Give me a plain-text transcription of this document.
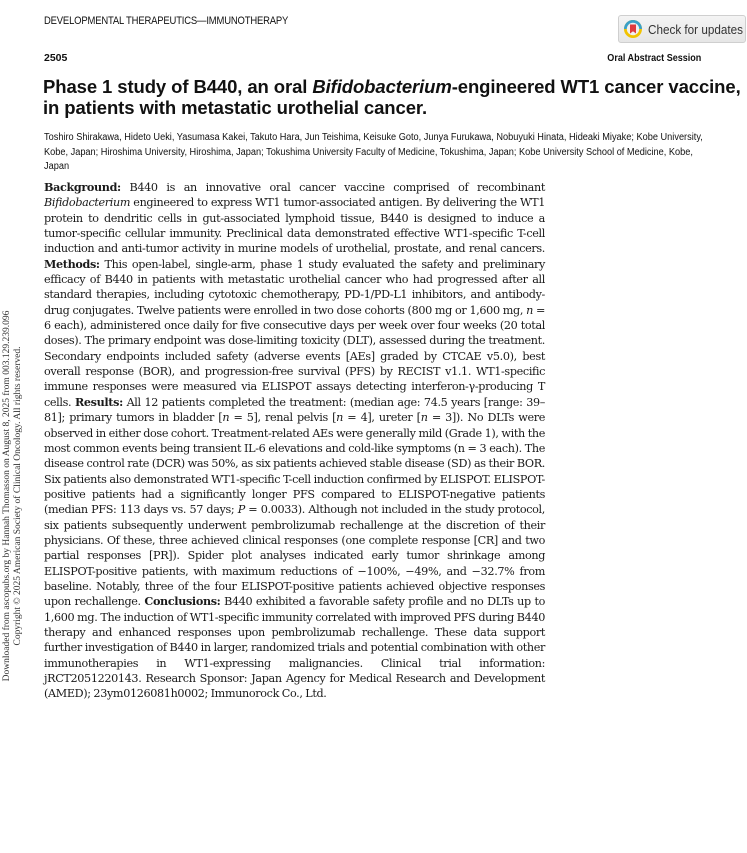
DEVELOPMENTAL THERAPEUTICS—IMMUNOTHERAPY
Check for updates
2505	Oral Abstract Session
Phase 1 study of B440, an oral Bifidobacterium-engineered WT1 cancer vaccine, in patients with metastatic urothelial cancer.
Toshiro Shirakawa, Hideto Ueki, Yasumasa Kakei, Takuto Hara, Jun Teishima, Keisuke Goto, Junya Furukawa, Nobuyuki Hinata, Hideaki Miyake; Kobe University, Kobe, Japan; Hiroshima University, Hiroshima, Japan; Tokushima University Faculty of Medicine, Tokushima, Japan; Kobe University School of Medicine, Kobe, Japan
Background: B440 is an innovative oral cancer vaccine comprised of recombinant Bifidobacterium engineered to express WT1 tumor-associated antigen. By delivering the WT1 protein to dendritic cells in gut-associated lymphoid tissue, B440 is designed to induce a tumor-specific cellular immunity. Preclinical data demonstrated effective WT1-specific T-cell induction and anti-tumor activity in murine models of urothelial, prostate, and renal cancers. Methods: This open-label, single-arm, phase 1 study evaluated the safety and preliminary efficacy of B440 in patients with metastatic urothelial cancer who had progressed after all standard therapies, including cytotoxic chemotherapy, PD-1/PD-L1 inhibitors, and antibody-drug conjugates. Twelve patients were enrolled in two dose cohorts (800 mg or 1,600 mg, n = 6 each), administered once daily for five consecutive days per week over four weeks (20 total doses). The primary endpoint was dose-limiting toxicity (DLT), assessed during the treatment. Secondary endpoints included safety (adverse events [AEs] graded by CTCAE v5.0), best overall response (BOR), and progression-free survival (PFS) by RECIST v1.1. WT1-specific immune responses were measured via ELISPOT assays detecting interferon-γ-producing T cells. Results: All 12 patients completed the treatment: (median age: 74.5 years [range: 39–81]; primary tumors in bladder [n = 5], renal pelvis [n = 4], ureter [n = 3]). No DLTs were observed in either dose cohort. Treatment-related AEs were generally mild (Grade 1), with the most common events being transient IL-6 elevations and cold-like symptoms (n = 3 each). The disease control rate (DCR) was 50%, as six patients achieved stable disease (SD) as their BOR. Six patients also demonstrated WT1-specific T-cell induction confirmed by ELISPOT. ELISPOT-positive patients had a significantly longer PFS compared to ELISPOT-negative patients (median PFS: 113 days vs. 57 days; P = 0.0033). Although not included in the study protocol, six patients subsequently underwent pembrolizumab rechallenge at the discretion of their physicians. Of these, three achieved clinical responses (one complete response [CR] and two partial responses [PR]). Spider plot analyses indicated early tumor shrinkage among ELISPOT-positive patients, with maximum reductions of −100%, −49%, and −32.7% from baseline. Notably, three of the four ELISPOT-positive patients achieved objective responses upon rechallenge. Conclusions: B440 exhibited a favorable safety profile and no DLTs up to 1,600 mg. The induction of WT1-specific immunity correlated with improved PFS during B440 therapy and enhanced responses upon pembrolizumab rechallenge. These data support further investigation of B440 in larger, randomized trials and potential combination with other immunotherapies in WT1-expressing malignancies. Clinical trial information: jRCT2051220143. Research Sponsor: Japan Agency for Medical Research and Development (AMED); 23ym0126081h0002; Immunorock Co., Ltd.
Downloaded from ascopubs.org by Hannah Thomasson on August 8, 2025 from 003.129.239.096 Copyright © 2025 American Society of Clinical Oncology. All rights reserved.
